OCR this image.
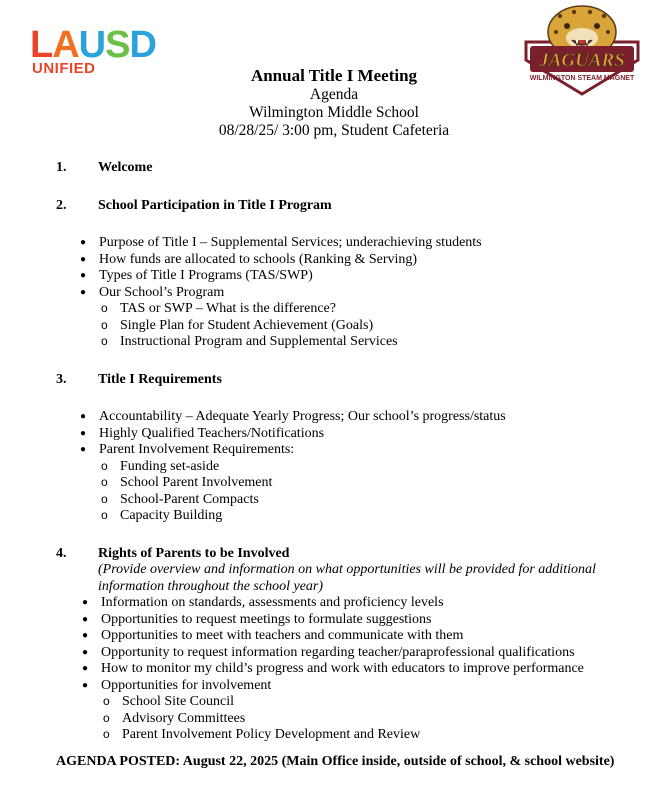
LAUSD
UNIFIED	JAGUARS
WILMINGTON STEAM MAGNET
Annual Title I Meeting
Agenda
Wilmington Middle School
08/28/25/ 3:00 pm, Student Cafeteria
1.	Welcome
2.	School Participation in Title I Program
● Purpose of Title I – Supplemental Services; underachieving students
● How funds are allocated to schools (Ranking & Serving)
● Types of Title I Programs (TAS/SWP)
● Our School’s Program
o TAS or SWP – What is the difference?
o Single Plan for Student Achievement (Goals)
o Instructional Program and Supplemental Services
3.	Title I Requirements
● Accountability – Adequate Yearly Progress; Our school’s progress/status
● Highly Qualified Teachers/Notifications
● Parent Involvement Requirements:
o Funding set-aside
o School Parent Involvement
o School-Parent Compacts
o Capacity Building
4.	Rights of Parents to be Involved
(Provide overview and information on what opportunities will be provided for additional information throughout the school year)
● Information on standards, assessments and proficiency levels
● Opportunities to request meetings to formulate suggestions
● Opportunities to meet with teachers and communicate with them
● Opportunity to request information regarding teacher/paraprofessional qualifications
● How to monitor my child’s progress and work with educators to improve performance
● Opportunities for involvement
o School Site Council
o Advisory Committees
o Parent Involvement Policy Development and Review
AGENDA POSTED: August 22, 2025 (Main Office inside, outside of school, & school website)
